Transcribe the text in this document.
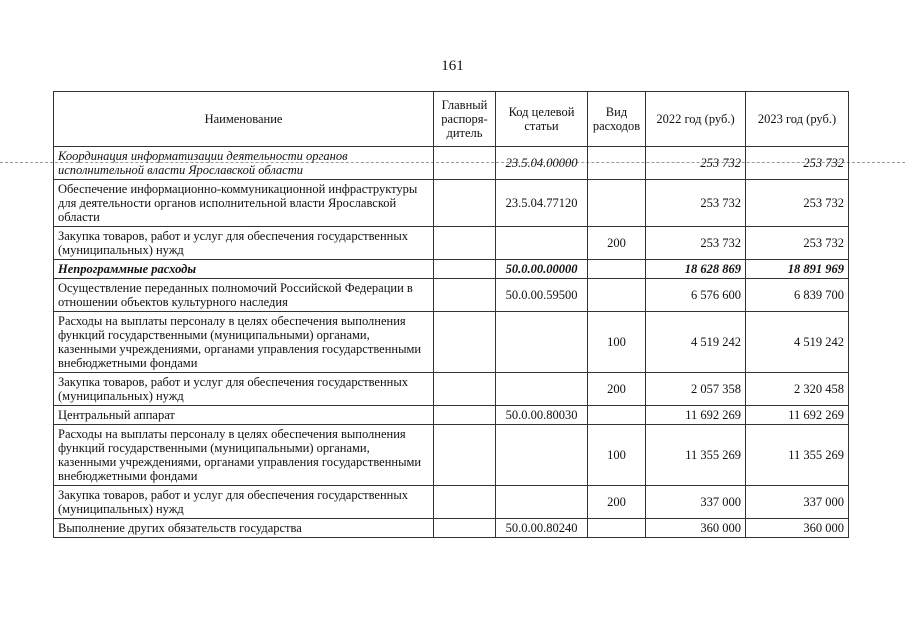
161
Наименование	Главный распоря-дитель	Код целевой статьи	Вид расходов	2022 год (руб.)	2023 год (руб.)
Координация информатизации деятельности органов исполнительной власти Ярославской области		23.5.04.00000		253 732	253 732
Обеспечение информационно-коммуникационной инфраструктуры для деятельности органов исполнительной власти Ярославской области		23.5.04.77120		253 732	253 732
Закупка товаров, работ и услуг для обеспечения государственных (муниципальных) нужд			200	253 732	253 732
Непрограммные расходы		50.0.00.00000		18 628 869	18 891 969
Осуществление переданных полномочий Российской Федерации в отношении объектов культурного наследия		50.0.00.59500		6 576 600	6 839 700
Расходы на выплаты персоналу в целях обеспечения выполнения функций государственными (муниципальными) органами, казенными учреждениями, органами управления государственными внебюджетными фондами			100	4 519 242	4 519 242
Закупка товаров, работ и услуг для обеспечения государственных (муниципальных) нужд			200	2 057 358	2 320 458
Центральный аппарат		50.0.00.80030		11 692 269	11 692 269
Расходы на выплаты персоналу в целях обеспечения выполнения функций государственными (муниципальными) органами, казенными учреждениями, органами управления государственными внебюджетными фондами			100	11 355 269	11 355 269
Закупка товаров, работ и услуг для обеспечения государственных (муниципальных) нужд			200	337 000	337 000
Выполнение других обязательств государства		50.0.00.80240		360 000	360 000
